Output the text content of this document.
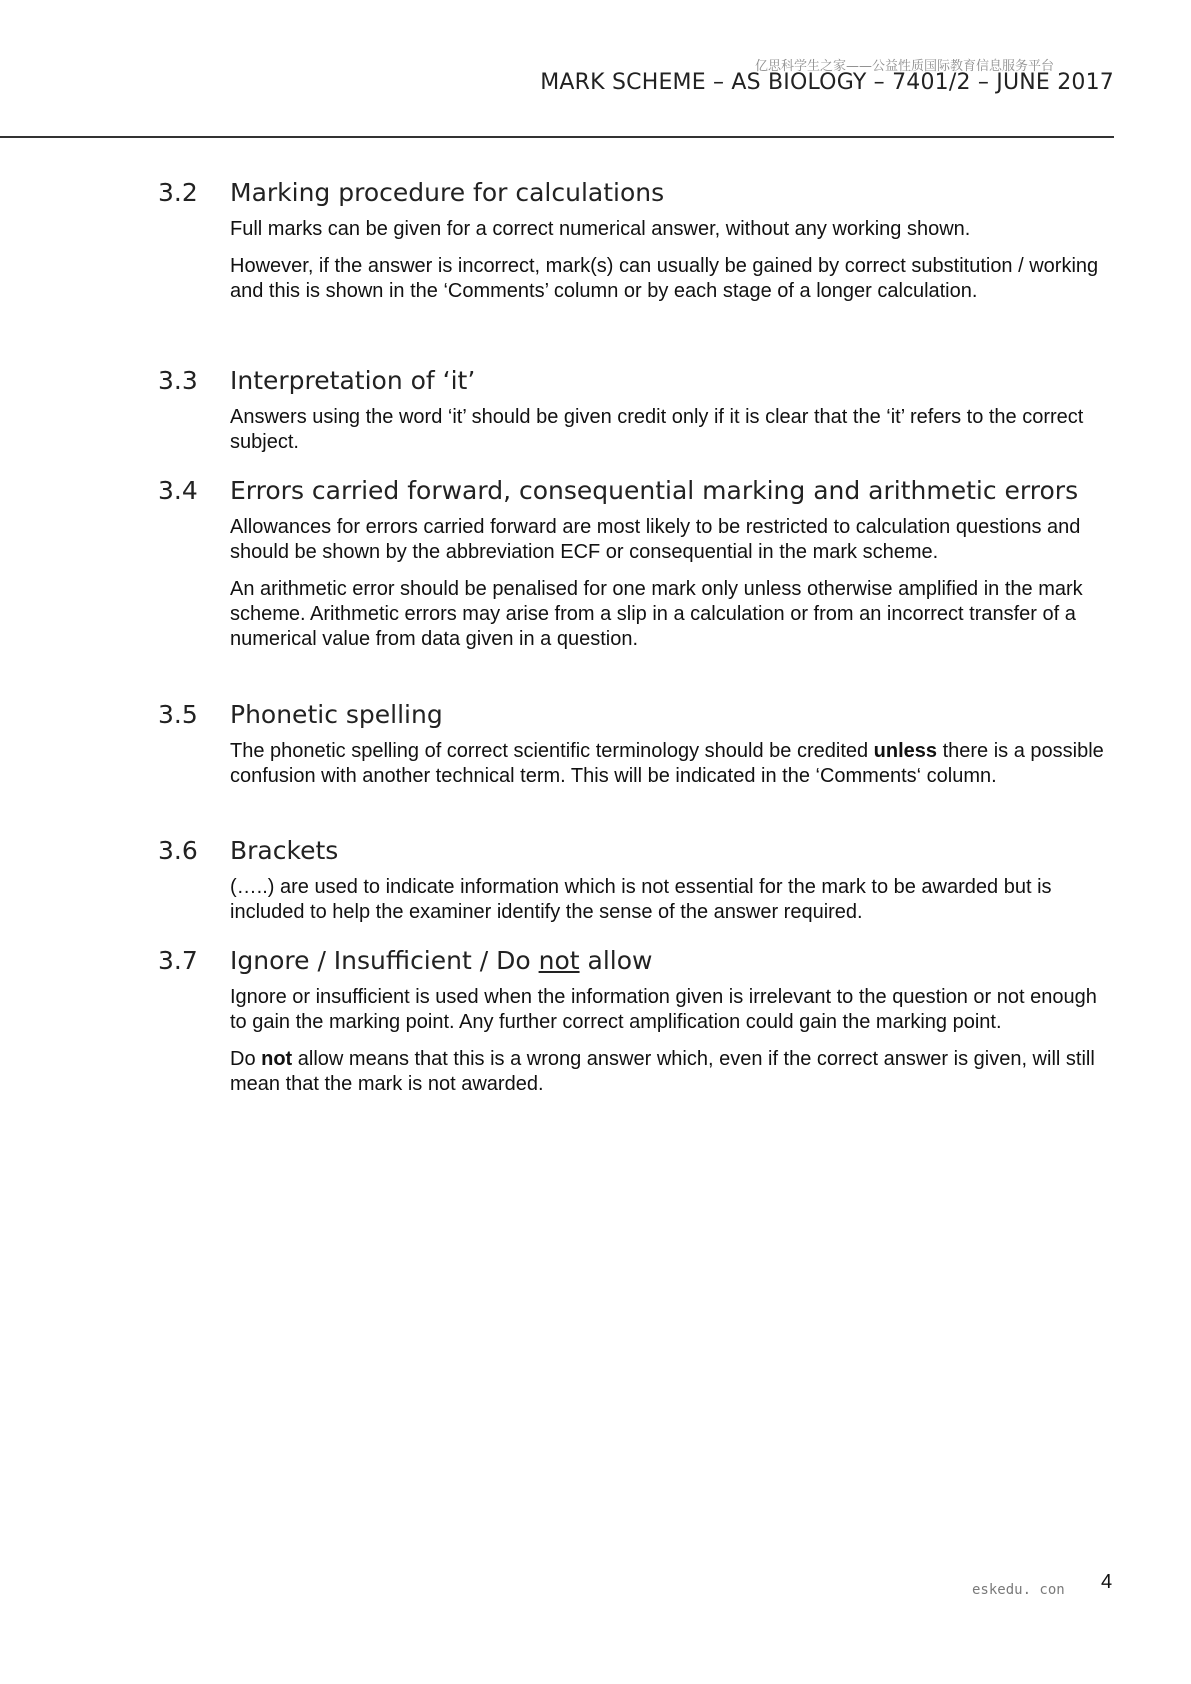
亿思科学生之家——公益性质国际教育信息服务平台
MARK SCHEME – AS BIOLOGY – 7401/2 – JUNE 2017
3.2	Marking procedure for calculations

Full marks can be given for a correct numerical answer, without any working shown.

However, if the answer is incorrect, mark(s) can usually be gained by correct substitution / working and this is shown in the ‘Comments’ column or by each stage of a longer calculation.

3.3	Interpretation of ‘it’

Answers using the word ‘it’ should be given credit only if it is clear that the ‘it’ refers to the correct subject.

3.4	Errors carried forward, consequential marking and arithmetic errors

Allowances for errors carried forward are most likely to be restricted to calculation questions and should be shown by the abbreviation ECF or consequential in the mark scheme.

An arithmetic error should be penalised for one mark only unless otherwise amplified in the mark scheme. Arithmetic errors may arise from a slip in a calculation or from an incorrect transfer of a numerical value from data given in a question.

3.5	Phonetic spelling

The phonetic spelling of correct scientific terminology should be credited unless there is a possible confusion with another technical term. This will be indicated in the ‘Comments‘ column.

3.6	Brackets

(…..) are used to indicate information which is not essential for the mark to be awarded but is included to help the examiner identify the sense of the answer required.

3.7	Ignore / Insufficient / Do not allow

Ignore or insufficient is used when the information given is irrelevant to the question or not enough to gain the marking point. Any further correct amplification could gain the marking point.

Do not allow means that this is a wrong answer which, even if the correct answer is given, will still mean that the mark is not awarded.

eskedu. con 4
